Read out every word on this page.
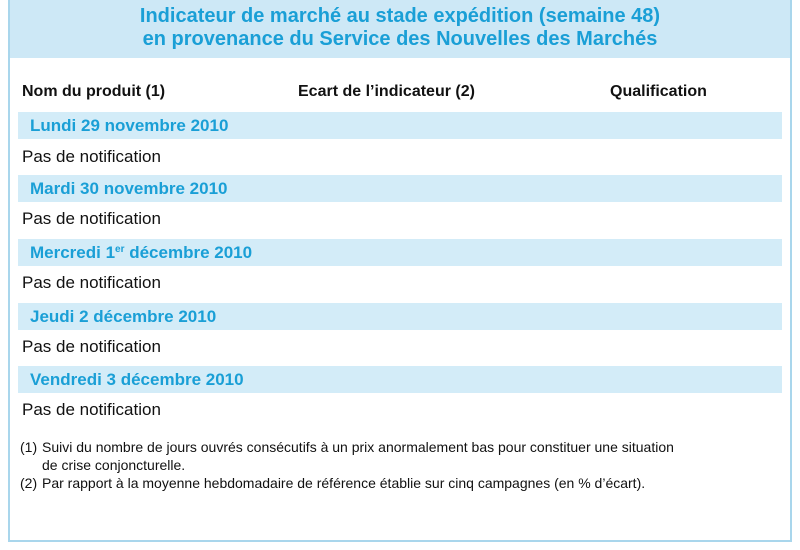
Indicateur de marché au stade expédition (semaine 48)
en provenance du Service des Nouvelles des Marchés
Nom du produit (1)	Ecart de l’indicateur (2)	Qualification
Lundi 29 novembre 2010
Pas de notification
Mardi 30 novembre 2010
Pas de notification
Mercredi 1er décembre 2010
Pas de notification
Jeudi 2 décembre 2010
Pas de notification
Vendredi 3 décembre 2010
Pas de notification
(1) Suivi du nombre de jours ouvrés consécutifs à un prix anormalement bas pour constituer une situation
de crise conjoncturelle.
(2) Par rapport à la moyenne hebdomadaire de référence établie sur cinq campagnes (en % d’écart).
